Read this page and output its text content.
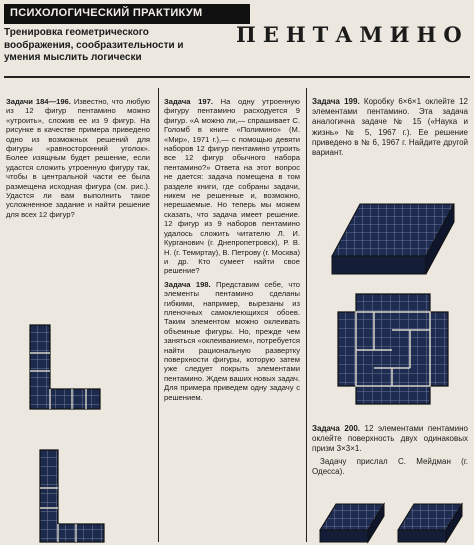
ПСИХОЛОГИЧЕСКИЙ ПРАКТИКУМ
Тренировка геометрического
воображения, сообразительности и
умения мыслить логически
ПЕНТАМИНО
Задачи 184—196. Известно, что любую из 12 фигур пентамино можно «утроить», сложив ее из 9 фигур. На рисунке в качестве примера приведено одно из возможных решений для фигуры «равносторонний уголок». Более изящным будет решение, если удастся сложить утроенную фигуру так, чтобы в центральной части ее была размещена исходная фигура (см. рис.). Удастся ли вам выполнить такое усложненное задание и найти решение для всех 12 фигур?

Задача 197. На одну утроенную фигуру пентамино расходуется 9 фигур. «А можно ли,— спрашивает С. Голомб в книге «Полимино» (М. «Мир», 1971 г.),— с помощью девяти наборов 12 фигур пентамино утроить все 12 фигур обычного набора пентамино?» Ответа на этот вопрос не дается: задача помещена в том разделе книги, где собраны задачи, никем не решенные и, возможно, нерешаемые. Но теперь мы можем сказать, что задача имеет решение. 12 фигур из 9 наборов пентамино удалось сложить читателю Л. И. Курганович (г. Днепропетровск), Р. В. Н. (г. Темиртау), В. Петрову (г. Москва) и др. Кто сумеет найти свое решение?

Задача 198. Представим себе, что элементы пентамино сделаны гибкими, например, вырезаны из пленочных самоклеющихся обоев. Таким элементом можно оклеивать объемные фигуры. Но, прежде чем заняться «оклеиванием», потребуется найти рациональную развертку поверхности фигуры, которую затем уже следует покрыть элементами пентамино. Ждем ваших новых задач. Для примера приведем одну задачу с решением.

Задача 199. Коробку 6×6×1 оклейте 12 элементами пентамино. Эта задача аналогична задаче № 15 («Наука и жизнь» № 5, 1967 г.). Ее решение приведено в № 6, 1967 г. Найдите другой вариант.

Задача 200. 12 элементами пентамино оклейте поверхность двух одинаковых призм 3×3×1.

Задачу прислал С. Мейдман (г. Одесса).
